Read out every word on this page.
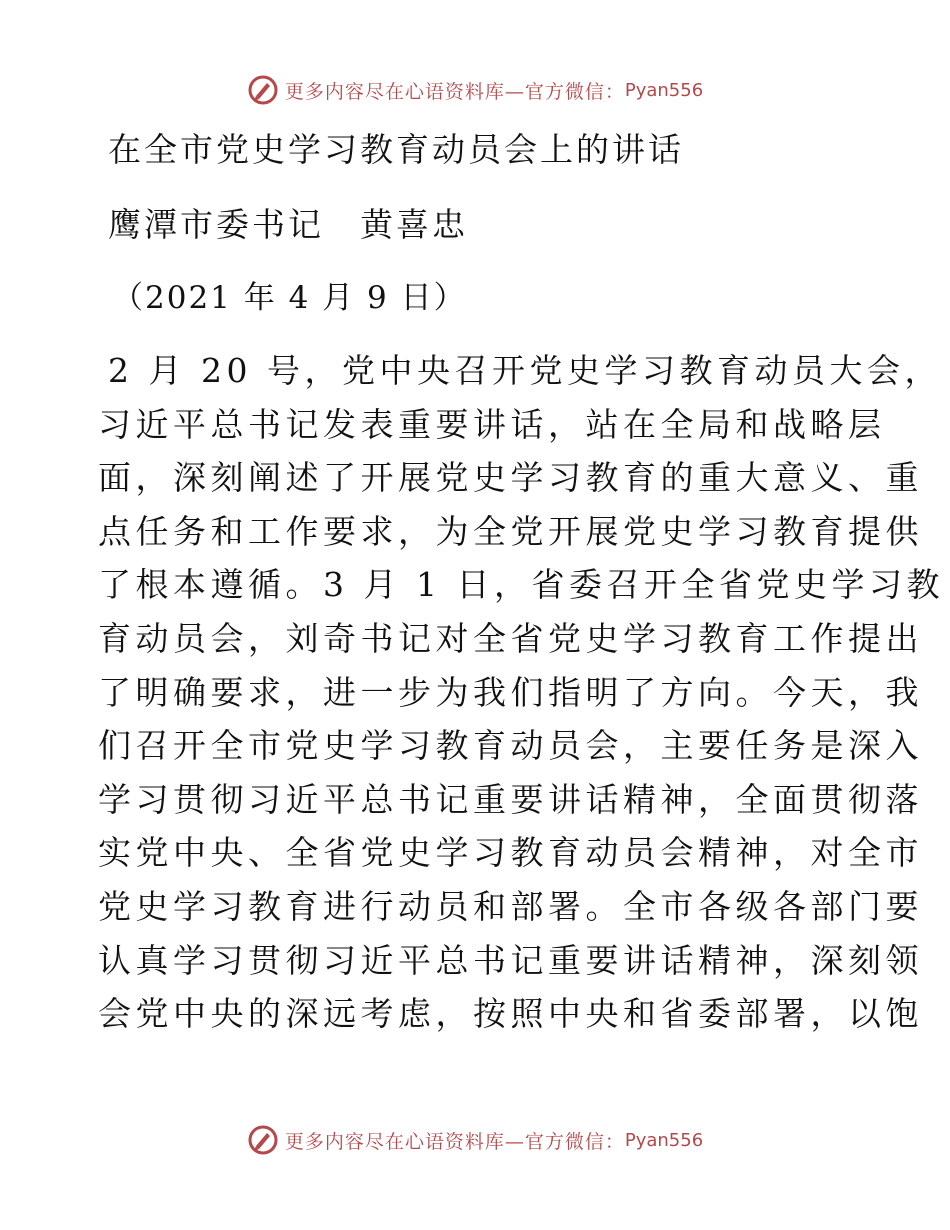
更多内容尽在心语资料库—官方微信： Pyan556
在全市党史学习教育动员会上的讲话
鹰潭市委书记 黄喜忠
（2021 年 4 月 9 日）
2 月 20 号，党中央召开党史学习教育动员大会，
习近平总书记发表重要讲话，站在全局和战略层
面，深刻阐述了开展党史学习教育的重大意义、重
点任务和工作要求，为全党开展党史学习教育提供
了根本遵循。3 月 1 日，省委召开全省党史学习教
育动员会，刘奇书记对全省党史学习教育工作提出
了明确要求，进一步为我们指明了方向。今天，我
们召开全市党史学习教育动员会，主要任务是深入
学习贯彻习近平总书记重要讲话精神，全面贯彻落
实党中央、全省党史学习教育动员会精神，对全市
党史学习教育进行动员和部署。全市各级各部门要
认真学习贯彻习近平总书记重要讲话精神，深刻领
会党中央的深远考虑，按照中央和省委部署，以饱
更多内容尽在心语资料库—官方微信： Pyan556
